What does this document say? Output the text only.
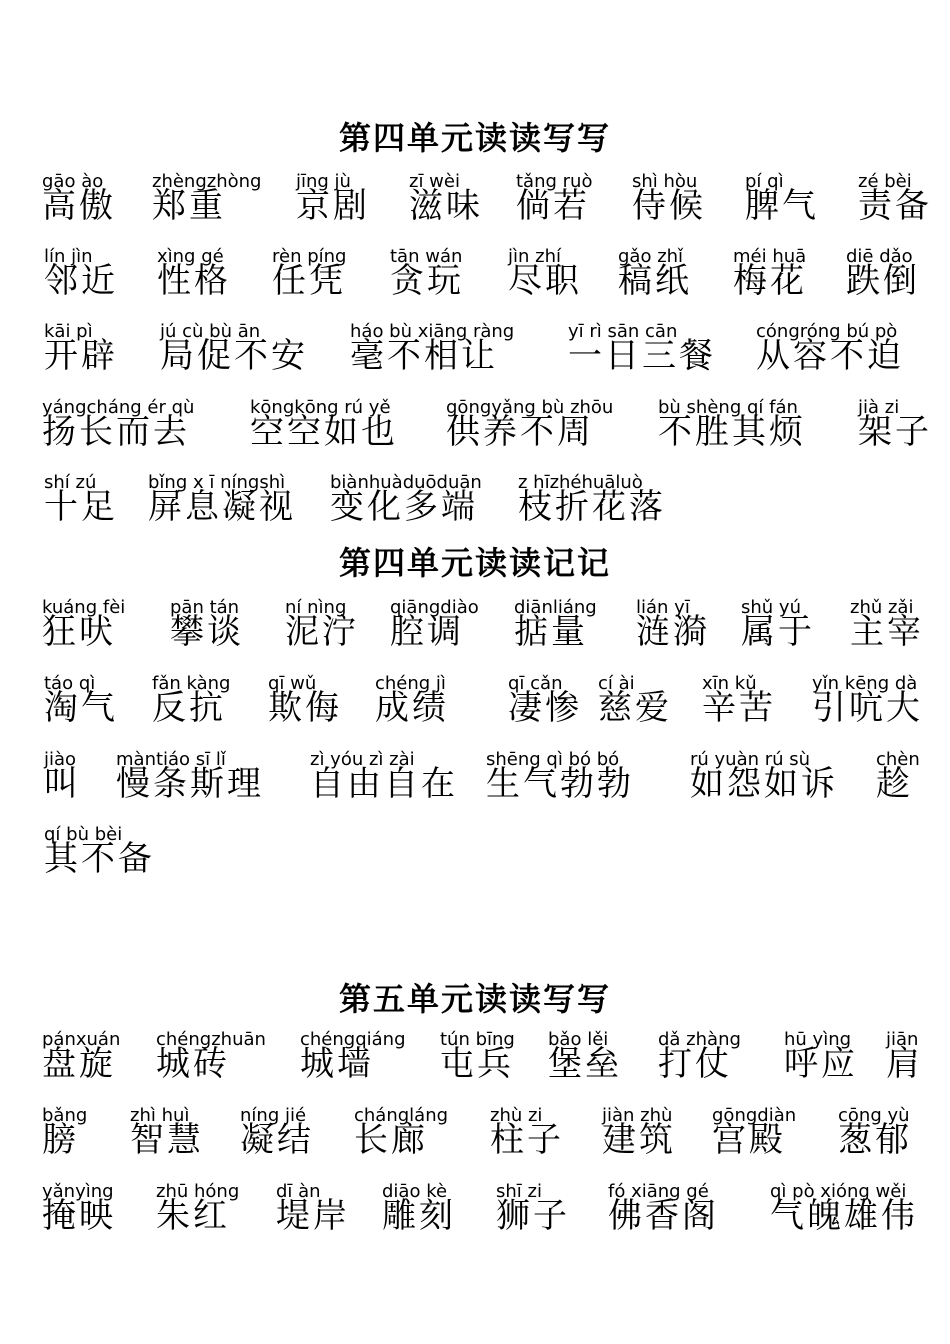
第四单元读读写写
gāo ào
高傲
zhèngzhòng
郑重
jīng jù
京剧
zī wèi
滋味
tǎng ruò
倘若
shì hòu
侍候
pí qì
脾气
zé bèi
责备
lín jìn
邻近
xìng gé
性格
rèn píng
任凭
tān wán
贪玩
jìn zhí
尽职
gǎo zhǐ
稿纸
méi huā
梅花
diē dǎo
跌倒
kāi pì
开辟
jú cù bù ān
局促不安
háo bù xiāng ràng
毫不相让
yī rì sān cān
一日三餐
cóngróng bú pò
从容不迫
yángcháng ér qù
扬长而去
kōngkōng rú yě
空空如也
gōngyǎng bù zhōu
供养不周
bù shèng qí fán
不胜其烦
jià zi
架子
shí zú
十足
bǐng x ī níngshì
屏息凝视
biànhuàduōduān
变化多端
z hīzhéhuāluò
枝折花落
第四单元读读记记
kuáng fèi
狂吠
pān tán
攀谈
ní nìng
泥泞
qiāngdiào
腔调
diānliáng
掂量
lián yī
涟漪
shǔ yú
属于
zhǔ zǎi
主宰
táo qì
淘气
fǎn kàng
反抗
qī wǔ
欺侮
chéng jì
成绩
qī cǎn
凄惨
cí ài
慈爱
xīn kǔ
辛苦
yǐn kēng dà
引吭大
jiào
叫
màntiáo sī lǐ
慢条斯理
zì yóu zì zài
自由自在
shēng qì bó bó
生气勃勃
rú yuàn rú sù
如怨如诉
chèn
趁
qí bù bèi
其不备
第五单元读读写写
pánxuán
盘旋
chéngzhuān
城砖
chéngqiáng
城墙
tún bīng
屯兵
bǎo lěi
堡垒
dǎ zhàng
打仗
hū yìng
呼应
jiān
肩
bǎng
膀
zhì huì
智慧
níng jié
凝结
chángláng
长廊
zhù zi
柱子
jiàn zhù
建筑
gōngdiàn
宫殿
cōng yù
葱郁
yǎnyìng
掩映
zhū hóng
朱红
dī àn
堤岸
diāo kè
雕刻
shī zi
狮子
fó xiāng gé
佛香阁
qì pò xióng wěi
气魄雄伟
